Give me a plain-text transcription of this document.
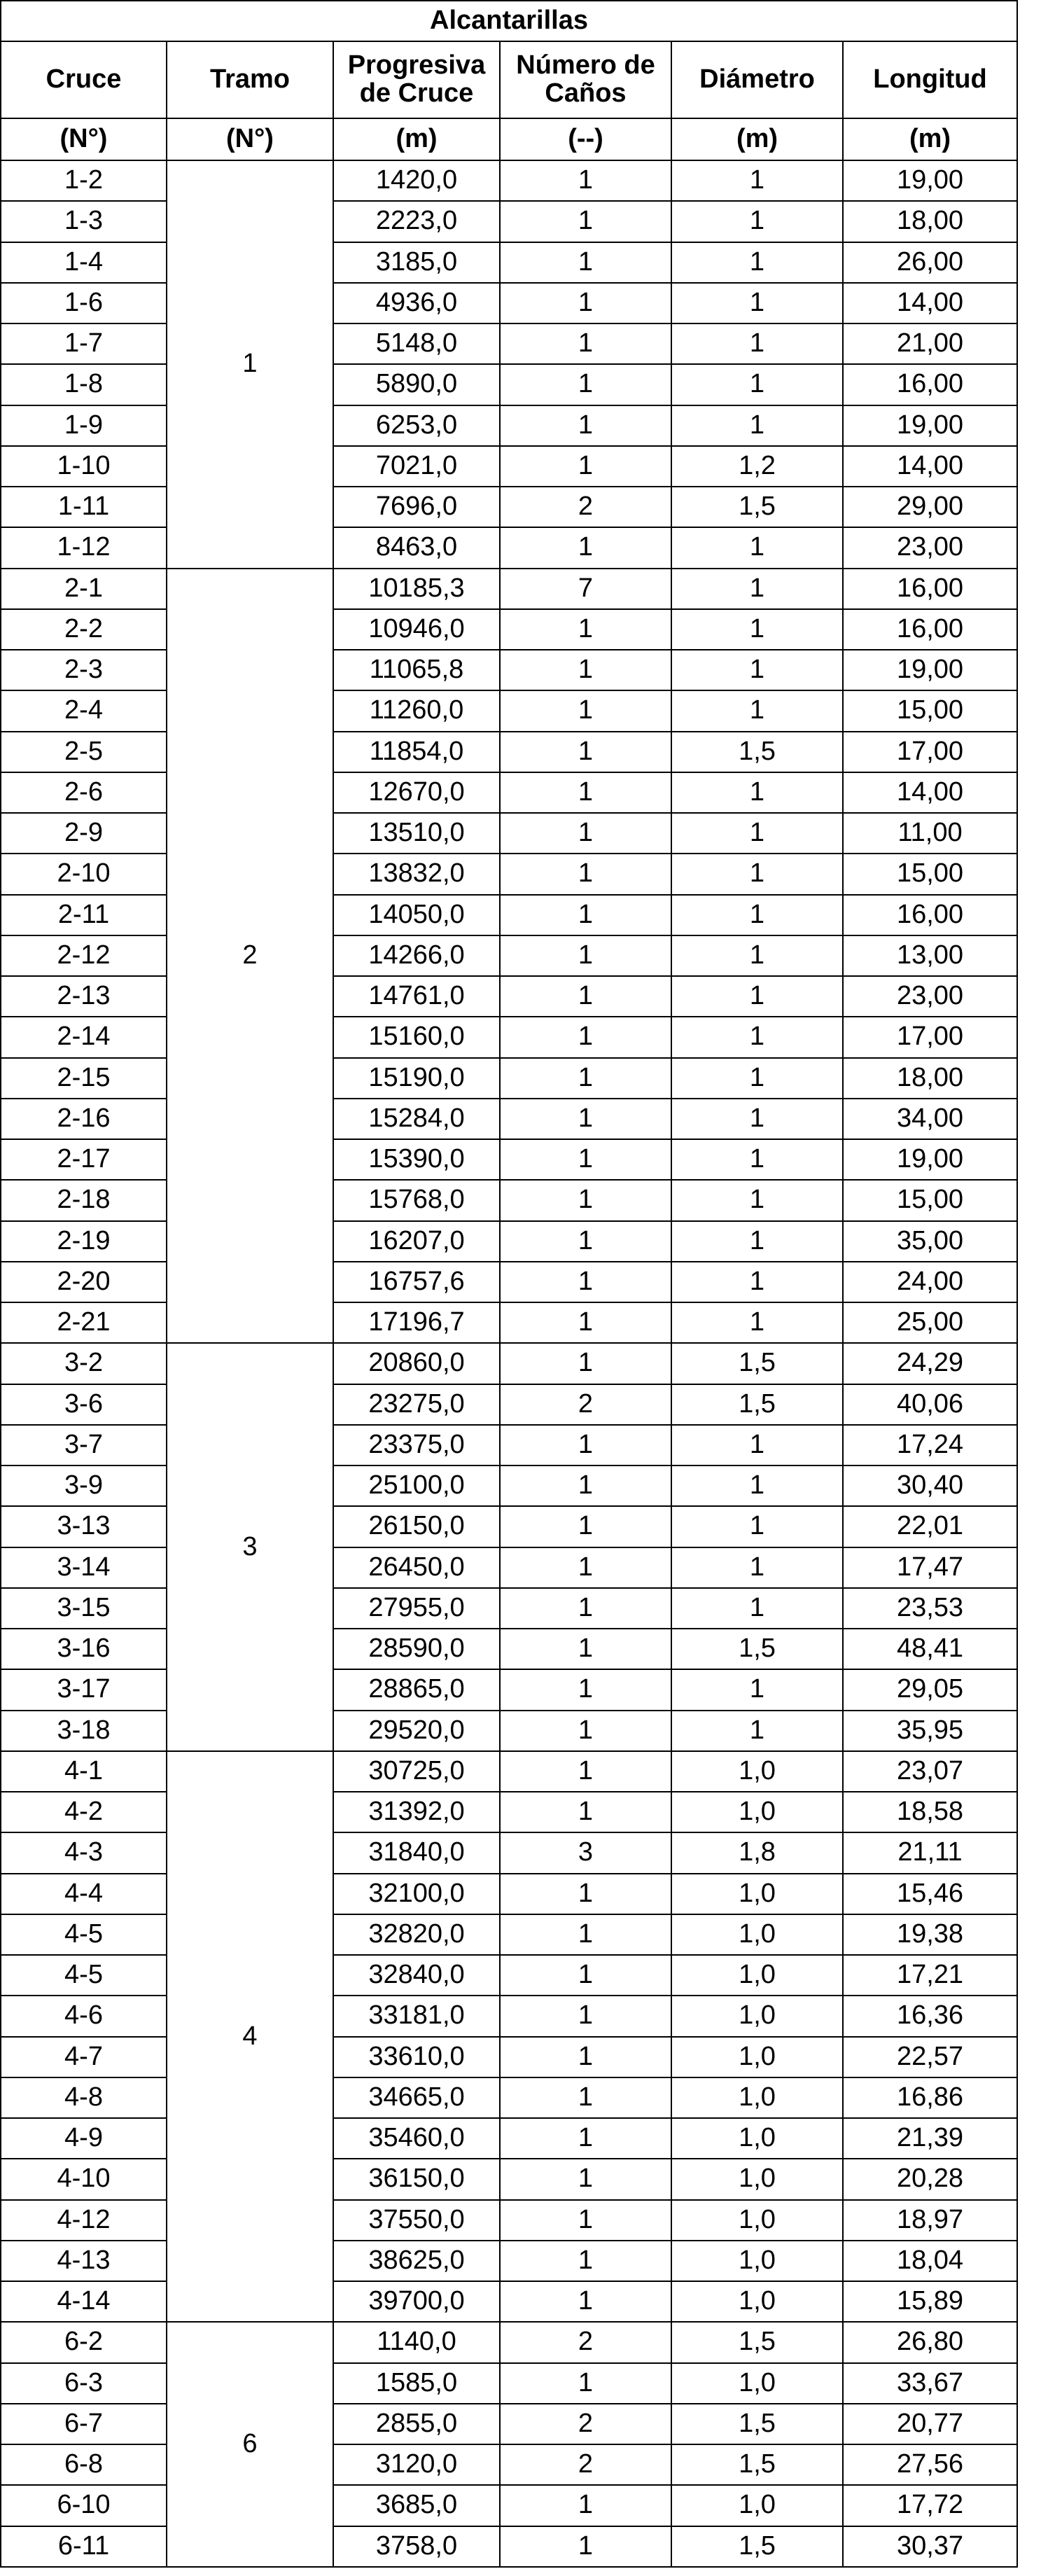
Alcantarillas					
Cruce	Tramo	Progresiva de Cruce	Número de Caños	Diámetro	Longitud
(N°)	(N°)	(m)	(--)	(m)	(m)
1-2	1	1420,0	1	1	19,00
1-3		2223,0	1	1	18,00
1-4		3185,0	1	1	26,00
1-6		4936,0	1	1	14,00
1-7		5148,0	1	1	21,00
1-8		5890,0	1	1	16,00
1-9		6253,0	1	1	19,00
1-10		7021,0	1	1,2	14,00
1-11		7696,0	2	1,5	29,00
1-12		8463,0	1	1	23,00
2-1	2	10185,3	7	1	16,00
2-2		10946,0	1	1	16,00
2-3		11065,8	1	1	19,00
2-4		11260,0	1	1	15,00
2-5		11854,0	1	1,5	17,00
2-6		12670,0	1	1	14,00
2-9		13510,0	1	1	11,00
2-10		13832,0	1	1	15,00
2-11		14050,0	1	1	16,00
2-12		14266,0	1	1	13,00
2-13		14761,0	1	1	23,00
2-14		15160,0	1	1	17,00
2-15		15190,0	1	1	18,00
2-16		15284,0	1	1	34,00
2-17		15390,0	1	1	19,00
2-18		15768,0	1	1	15,00
2-19		16207,0	1	1	35,00
2-20		16757,6	1	1	24,00
2-21		17196,7	1	1	25,00
3-2	3	20860,0	1	1,5	24,29
3-6		23275,0	2	1,5	40,06
3-7		23375,0	1	1	17,24
3-9		25100,0	1	1	30,40
3-13		26150,0	1	1	22,01
3-14		26450,0	1	1	17,47
3-15		27955,0	1	1	23,53
3-16		28590,0	1	1,5	48,41
3-17		28865,0	1	1	29,05
3-18		29520,0	1	1	35,95
4-1	4	30725,0	1	1,0	23,07
4-2		31392,0	1	1,0	18,58
4-3		31840,0	3	1,8	21,11
4-4		32100,0	1	1,0	15,46
4-5		32820,0	1	1,0	19,38
4-5		32840,0	1	1,0	17,21
4-6		33181,0	1	1,0	16,36
4-7		33610,0	1	1,0	22,57
4-8		34665,0	1	1,0	16,86
4-9		35460,0	1	1,0	21,39
4-10		36150,0	1	1,0	20,28
4-12		37550,0	1	1,0	18,97
4-13		38625,0	1	1,0	18,04
4-14		39700,0	1	1,0	15,89
6-2	6	1140,0	2	1,5	26,80
6-3		1585,0	1	1,0	33,67
6-7		2855,0	2	1,5	20,77
6-8		3120,0	2	1,5	27,56
6-10		3685,0	1	1,0	17,72
6-11		3758,0	1	1,5	30,37
